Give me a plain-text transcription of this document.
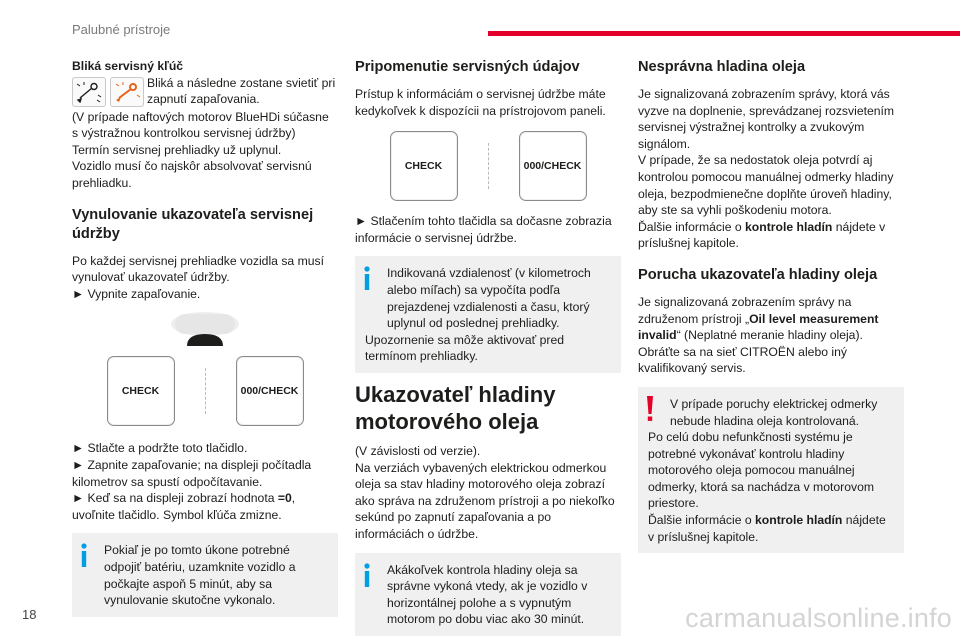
Palubné prístroje

Bliká servisný kľúč

Bliká a následne zostane svietiť pri zapnutí zapaľovania.

(V prípade naftových motorov BlueHDi súčasne s výstražnou kontrolkou servisnej údržby)

Termín servisnej prehliadky už uplynul.

Vozidlo musí čo najskôr absolvovať servisnú prehliadku.

Vynulovanie ukazovateľa servisnej údržby

Po každej servisnej prehliadke vozidla sa musí vynulovať ukazovateľ údržby.

► Vypnite zapaľovanie.

CHECK	000/CHECK

► Stlačte a podržte toto tlačidlo.

► Zapnite zapaľovanie; na displeji počítadla kilometrov sa spustí odpočítavanie.

► Keď sa na displeji zobrazí hodnota =0, uvoľnite tlačidlo. Symbol kľúča zmizne.

Pokiaľ je po tomto úkone potrebné odpojiť batériu, uzamknite vozidlo a počkajte aspoň 5 minút, aby sa vynulovanie skutočne vykonalo.

Pripomenutie servisných údajov

Prístup k informáciám o servisnej údržbe máte kedykoľvek k dispozícii na prístrojovom paneli.

CHECK	000/CHECK

► Stlačením tohto tlačidla sa dočasne zobrazia informácie o servisnej údržbe.

Indikovaná vzdialenosť (v kilometroch alebo míľach) sa vypočíta podľa prejazdenej vzdialenosti a času, ktorý uplynul od poslednej prehliadky.

Upozornenie sa môže aktivovať pred termínom prehliadky.

Ukazovateľ hladiny motorového oleja

(V závislosti od verzie).

Na verziách vybavených elektrickou odmerkou oleja sa stav hladiny motorového oleja zobrazí ako správa na združenom prístroji a po niekoľko sekúnd po zapnutí zapaľovania a po informáciách o údržbe.

Akákoľvek kontrola hladiny oleja sa správne vykoná vtedy, ak je vozidlo v horizontálnej polohe a s vypnutým motorom po dobu viac ako 30 minút.

Nesprávna hladina oleja

Je signalizovaná zobrazením správy, ktorá vás vyzve na doplnenie, sprevádzanej rozsvietením servisnej výstražnej kontrolky a zvukovým signálom.

V prípade, že sa nedostatok oleja potvrdí aj kontrolou pomocou manuálnej odmerky hladiny oleja, bezpodmienečne doplňte úroveň hladiny, aby ste sa vyhli poškodeniu motora.

Ďalšie informácie o kontrole hladín nájdete v príslušnej kapitole.

Porucha ukazovateľa hladiny oleja

Je signalizovaná zobrazením správy na združenom prístroji „Oil level measurement invalid“ (Neplatné meranie hladiny oleja).

Obráťte sa na sieť CITROËN alebo iný kvalifikovaný servis.

V prípade poruchy elektrickej odmerky nebude hladina oleja kontrolovaná.

Po celú dobu nefunkčnosti systému je potrebné vykonávať kontrolu hladiny motorového oleja pomocou manuálnej odmerky, ktorá sa nachádza v motorovom priestore.

Ďalšie informácie o kontrole hladín nájdete v príslušnej kapitole.

18	carmanualsonline.info
